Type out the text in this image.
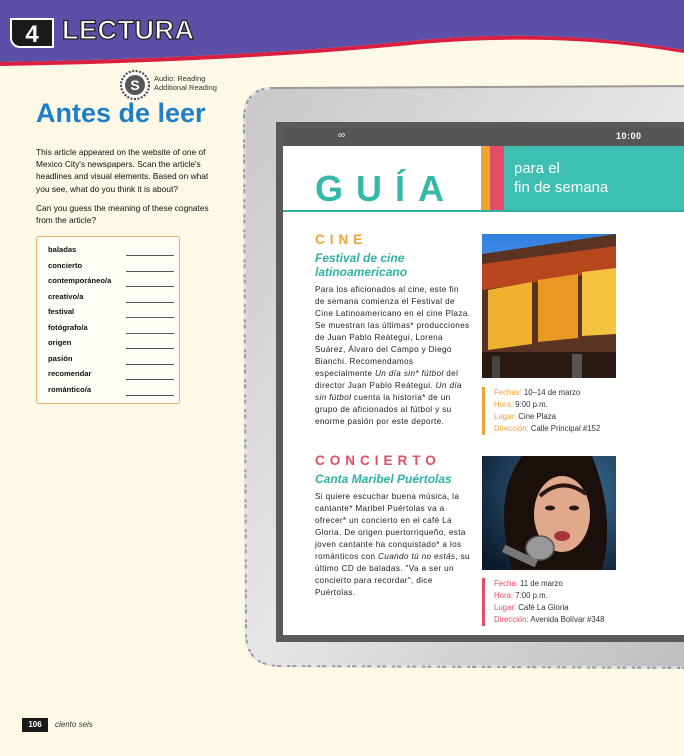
4 LECTURA
S Audio: Reading
Additional Reading
Antes de leer

This article appeared on the website of one of Mexico City's newspapers. Scan the article's headlines and visual elements. Based on what you see, what do you think it is about?

Can you guess the meaning of these cognates from the article?

baladas
concierto
contemporáneo/a
creativo/a
festival
fotógrafo/a
origen
pasión
recomendar
romántico/a
106	ciento seis
∞	10:00
GUÍA	para el
fin de semana
CINE
Festival de cine latinoamericano

Para los aficionados al cine, este fin de semana comienza el Festival de Cine Latinoamericano en el cine Plaza. Se muestran las últimas* producciones de Juan Pablo Reátegui, Lorena Suárez, Álvaro del Campo y Diego Bianchi. Recomendamos especialmente Un día sin* fútbol del director Juan Pablo Reátegui. Un día sin fútbol cuenta la historia* de un grupo de aficionados al fútbol y su enorme pasión por este deporte.

Fechas: 10–14 de marzo
Hora: 9:00 p.m.
Lugar: Cine Plaza
Dirección: Calle Principal #152
CONCIERTO
Canta Maribel Puértolas

Si quiere escuchar buena música, la cantante* Maribel Puértolas va a ofrecer* un concierto en el café La Gloria. De origen puertorriqueño, esta joven cantante ha conquistado* a los románticos con Cuando tú no estás, su último CD de baladas. "Va a ser un concierto para recordar", dice Puértolas.

Fecha: 11 de marzo
Hora: 7:00 p.m.
Lugar: Café La Gloria
Dirección: Avenida Bolívar #348
